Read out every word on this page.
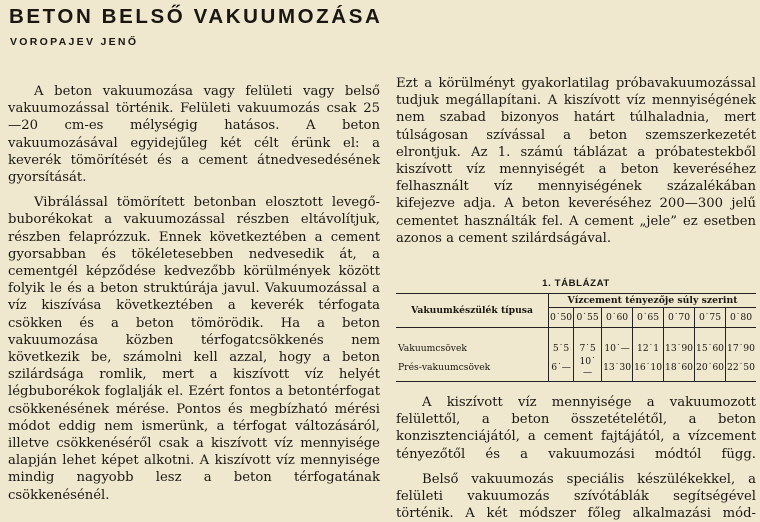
BETON BELSŐ VAKUUMOZÁSA
VOROPAJEV JENŐ

A beton vakuumozása vagy felületi vagy belső vakuumozással történik. Felületi vakuumozás csak 25—20 cm-es mélységig hatásos. A beton vakuumozásával egyidejűleg két célt érünk el: a keverék tömörítését és a cement átnedvesedésének gyorsítását.

Vibrálással tömörített betonban elosztott levegő-buborékokat a vakuumozással részben eltávolítjuk, részben felaprózzuk. Ennek következtében a cement gyorsabban és tökéletesebben nedvesedik át, a cementgél képződése kedvezőbb körülmények között folyik le és a beton struktúrája javul. Vakuumozással a víz kiszívása következtében a keverék térfogata csökken és a beton tömörödik. Ha a beton vakuumozása közben térfogatcsökkenés nem következik be, számolni kell azzal, hogy a beton szilárdsága romlik, mert a kiszívott víz helyét légbuborékok foglalják el. Ezért fontos a betontérfogat csökkenésének mérése. Pontos és megbízható mérési módot eddig nem ismerünk, a térfogat változásáról, illetve csökkenéséről csak a kiszívott víz mennyisége alapján lehet képet alkotni. A kiszívott víz mennyisége mindig nagyobb lesz a beton térfogatának csökkenésénél.

Ezt a körülményt gyakorlatilag próbavakuumozással tudjuk megállapítani. A kiszívott víz mennyiségének nem szabad bizonyos határt túlhaladnia, mert túlságosan szívással a beton szemszerkezetét elrontjuk. Az 1. számú táblázat a próbatestekből kiszívott víz mennyiségét a beton keveréséhez felhasznált víz mennyiségének százalékában kifejezve adja. A beton keveréséhez 200—300 jelű cementet használták fel. A cement „jele” ez esetben azonos a cement szilárdságával.

1. TÁBLÁZAT
Vakuumkészülék típusa	Vízcement tényezője súly szerint						
	0˙50	0˙55	0˙60	0˙65	0˙70	0˙75	0˙80
Vakuumcsövek	5˙5	7˙5	10˙—	12˙1	13˙90	15˙60	17˙90
Prés-vakuumcsövek	6˙—	10˙—	13˙30	16˙10	18˙60	20˙60	22˙50

A kiszívott víz mennyisége a vakuumozott felülettől, a beton összetételétől, a beton konzisztenciájától, a cement fajtájától, a vízcement tényezőtől és a vakuumozási módtól függ.

Belső vakuumozás speciális készülékekkel, a felületi vakuumozás szívótáblák segítségével történik. A két módszer főleg alkalmazási mód-
